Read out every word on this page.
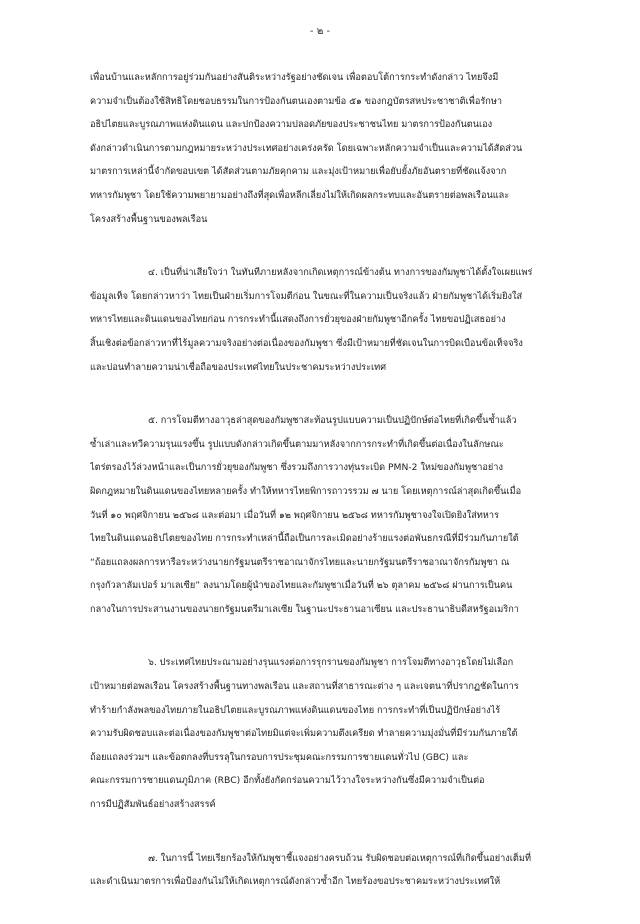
- ๒ -
เพื่อนบ้านและหลักการอยู่ร่วมกันอย่างสันติระหว่างรัฐอย่างชัดเจน เพื่อตอบโต้การกระทำดังกล่าว ไทยจึงมี
ความจำเป็นต้องใช้สิทธิโดยชอบธรรมในการป้องกันตนเองตามข้อ ๕๑ ของกฎบัตรสหประชาชาติเพื่อรักษา
อธิปไตยและบูรณภาพแห่งดินแดน และปกป้องความปลอดภัยของประชาชนไทย มาตรการป้องกันตนเอง
ดังกล่าวดำเนินการตามกฎหมายระหว่างประเทศอย่างเคร่งครัด โดยเฉพาะหลักความจำเป็นและความได้สัดส่วน
มาตรการเหล่านี้จำกัดขอบเขต ได้สัดส่วนตามภัยคุกคาม และมุ่งเป้าหมายเพื่อยับยั้งภัยอันตรายที่ชัดแจ้งจาก
ทหารกัมพูชา โดยใช้ความพยายามอย่างถึงที่สุดเพื่อหลีกเลี่ยงไม่ให้เกิดผลกระทบและอันตรายต่อพลเรือนและ
โครงสร้างพื้นฐานของพลเรือน
๔. เป็นที่น่าเสียใจว่า ในทันทีภายหลังจากเกิดเหตุการณ์ข้างต้น ทางการของกัมพูชาได้ตั้งใจเผยแพร่
ข้อมูลเท็จ โดยกล่าวหาว่า ไทยเป็นฝ่ายเริ่มการโจมตีก่อน ในขณะที่ในความเป็นจริงแล้ว ฝ่ายกัมพูชาได้เริ่มยิงใส่
ทหารไทยและดินแดนของไทยก่อน การกระทำนี้แสดงถึงการยั่วยุของฝ่ายกัมพูชาอีกครั้ง ไทยขอปฏิเสธอย่าง
สิ้นเชิงต่อข้อกล่าวหาที่ไร้มูลความจริงอย่างต่อเนื่องของกัมพูชา ซึ่งมีเป้าหมายที่ชัดเจนในการบิดเบือนข้อเท็จจริง
และบ่อนทำลายความน่าเชื่อถือของประเทศไทยในประชาคมระหว่างประเทศ
๕. การโจมตีทางอาวุธล่าสุดของกัมพูชาสะท้อนรูปแบบความเป็นปฏิปักษ์ต่อไทยที่เกิดขึ้นซ้ำแล้ว
ซ้ำเล่าและทวีความรุนแรงขึ้น รูปแบบดังกล่าวเกิดขึ้นตามมาหลังจากการกระทำที่เกิดขึ้นต่อเนื่องในลักษณะ
ไตร่ตรองไว้ล่วงหน้าและเป็นการยั่วยุของกัมพูชา ซึ่งรวมถึงการวางทุ่นระเบิด PMN-2 ใหม่ของกัมพูชาอย่าง
ผิดกฎหมายในดินแดนของไทยหลายครั้ง ทำให้ทหารไทยพิการถาวรรวม ๗ นาย โดยเหตุการณ์ล่าสุดเกิดขึ้นเมื่อ
วันที่ ๑๐ พฤศจิกายน ๒๕๖๘ และต่อมา เมื่อวันที่ ๑๒ พฤศจิกายน ๒๕๖๘ ทหารกัมพูชาจงใจเปิดยิงใส่ทหาร
ไทยในดินแดนอธิปไตยของไทย การกระทำเหล่านี้ถือเป็นการละเมิดอย่างร้ายแรงต่อพันธกรณีที่มีร่วมกันภายใต้
“ถ้อยแถลงผลการหารือระหว่างนายกรัฐมนตรีราชอาณาจักรไทยและนายกรัฐมนตรีราชอาณาจักรกัมพูชา ณ
กรุงกัวลาลัมเปอร์ มาเลเซีย” ลงนามโดยผู้นำของไทยและกัมพูชาเมื่อวันที่ ๒๖ ตุลาคม ๒๕๖๘ ผ่านการเป็นคน
กลางในการประสานงานของนายกรัฐมนตรีมาเลเซีย ในฐานะประธานอาเซียน และประธานาธิบดีสหรัฐอเมริกา
๖. ประเทศไทยประณามอย่างรุนแรงต่อการรุกรานของกัมพูชา การโจมตีทางอาวุธโดยไม่เลือก
เป้าหมายต่อพลเรือน โครงสร้างพื้นฐานทางพลเรือน และสถานที่สาธารณะต่าง ๆ และเจตนาที่ปรากฏชัดในการ
ทำร้ายกำลังพลของไทยภายในอธิปไตยและบูรณภาพแห่งดินแดนของไทย การกระทำที่เป็นปฏิปักษ์อย่างไร้
ความรับผิดชอบและต่อเนื่องของกัมพูชาต่อไทยมิแต่จะเพิ่มความตึงเครียด ทำลายความมุ่งมั่นที่มีร่วมกันภายใต้
ถ้อยแถลงร่วมฯ และข้อตกลงที่บรรลุในกรอบการประชุมคณะกรรมการชายแดนทั่วไป (GBC) และ
คณะกรรมการชายแดนภูมิภาค (RBC) อีกทั้งยังกัดกร่อนความไว้วางใจระหว่างกันซึ่งมีความจำเป็นต่อ
การมีปฏิสัมพันธ์อย่างสร้างสรรค์
๗. ในการนี้ ไทยเรียกร้องให้กัมพูชาชี้แจงอย่างครบถ้วน รับผิดชอบต่อเหตุการณ์ที่เกิดขึ้นอย่างเต็มที่
และดำเนินมาตรการเพื่อป้องกันไม่ให้เกิดเหตุการณ์ดังกล่าวซ้ำอีก ไทยร้องขอประชาคมระหว่างประเทศให้
